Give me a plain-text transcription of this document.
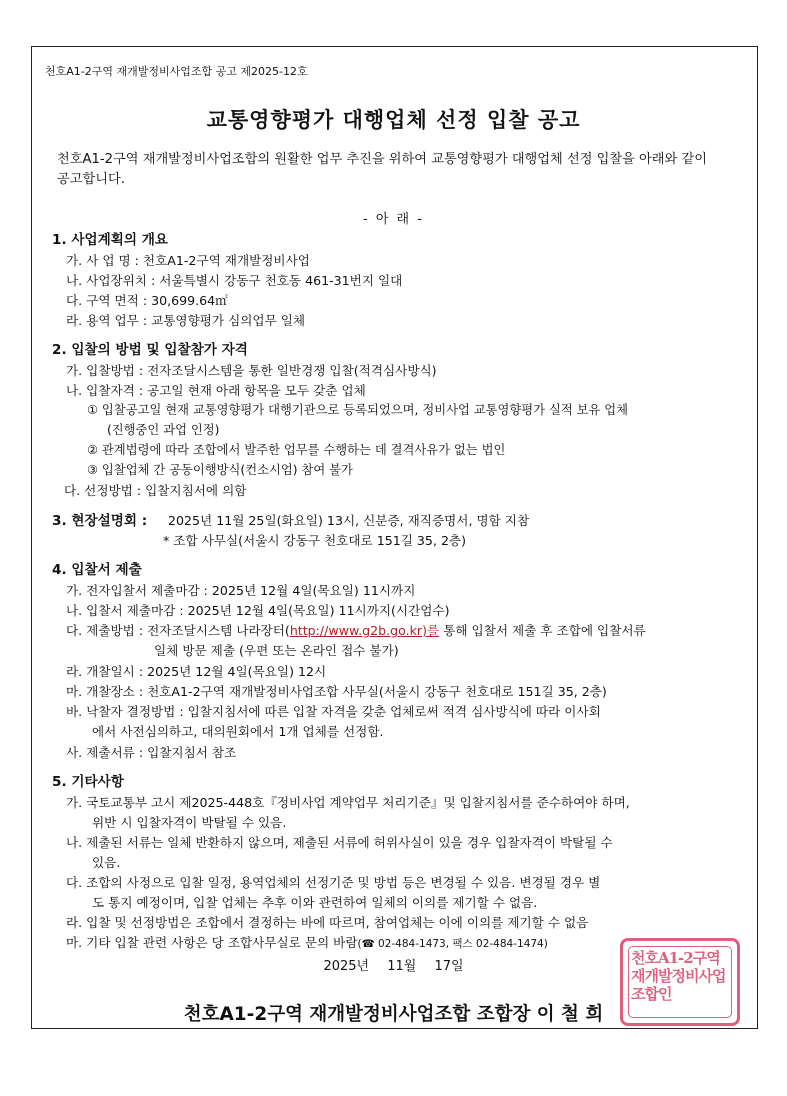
천호A1-2구역 재개발정비사업조합 공고 제2025-12호
교통영향평가 대행업체 선정 입찰 공고
천호A1-2구역 재개발정비사업조합의 원활한 업무 추진을 위하여 교통영향평가 대행업체 선정 입찰을 아래와 같이 공고합니다.
- 아 래 -
1. 사업계획의 개요
가. 사 업 명 : 천호A1-2구역 재개발정비사업
나. 사업장위치 : 서울특별시 강동구 천호동 461-31번지 일대
다. 구역 면적 : 30,699.64㎡
라. 용역 업무 : 교통영향평가 심의업무 일체
2. 입찰의 방법 및 입찰참가 자격
가. 입찰방법 : 전자조달시스템을 통한 일반경쟁 입찰(적격심사방식)
나. 입찰자격 : 공고일 현재 아래 항목을 모두 갖춘 업체
① 입찰공고일 현재 교통영향평가 대행기관으로 등록되었으며, 정비사업 교통영향평가 실적 보유 업체
(진행중인 과업 인정)
② 관계법령에 따라 조합에서 발주한 업무를 수행하는 데 결격사유가 없는 법인
③ 입찰업체 간 공동이행방식(컨소시엄) 참여 불가
다. 선정방법 : 입찰지침서에 의함
3. 현장설명회 : 2025년 11월 25일(화요일) 13시, 신분증, 재직증명서, 명함 지참
* 조합 사무실(서울시 강동구 천호대로 151길 35, 2층)
4. 입찰서 제출
가. 전자입찰서 제출마감 : 2025년 12월 4일(목요일) 11시까지
나. 입찰서 제출마감 : 2025년 12월 4일(목요일) 11시까지(시간엄수)
다. 제출방법 : 전자조달시스템 나라장터(http://www.g2b.go.kr)를 통해 입찰서 제출 후 조합에 입찰서류
일체 방문 제출 (우편 또는 온라인 접수 불가)
라. 개찰일시 : 2025년 12월 4일(목요일) 12시
마. 개찰장소 : 천호A1-2구역 재개발정비사업조합 사무실(서울시 강동구 천호대로 151길 35, 2층)
바. 낙찰자 결정방법 : 입찰지침서에 따른 입찰 자격을 갖춘 업체로써 적격 심사방식에 따라 이사회
에서 사전심의하고, 대의원회에서 1개 업체를 선정함.
사. 제출서류 : 입찰지침서 참조
5. 기타사항
가. 국토교통부 고시 제2025-448호『정비사업 계약업무 처리기준』및 입찰지침서를 준수하여야 하며,
위반 시 입찰자격이 박탈될 수 있음.
나. 제출된 서류는 일체 반환하지 않으며, 제출된 서류에 허위사실이 있을 경우 입찰자격이 박탈될 수
있음.
다. 조합의 사정으로 입찰 일정, 용역업체의 선정기준 및 방법 등은 변경될 수 있음. 변경될 경우 별
도 통지 예정이며, 입찰 업체는 추후 이와 관련하여 일체의 이의를 제기할 수 없음.
라. 입찰 및 선정방법은 조합에서 결정하는 바에 따르며, 참여업체는 이에 이의를 제기할 수 없음
마. 기타 입찰 관련 사항은 당 조합사무실로 문의 바람(☎ 02-484-1473, 팩스 02-484-1474)
2025년 11월 17일
천호A1-2구역 재개발정비사업조합 조합장 이 철 희
천호A1-2구역재개발정비사업조합인
